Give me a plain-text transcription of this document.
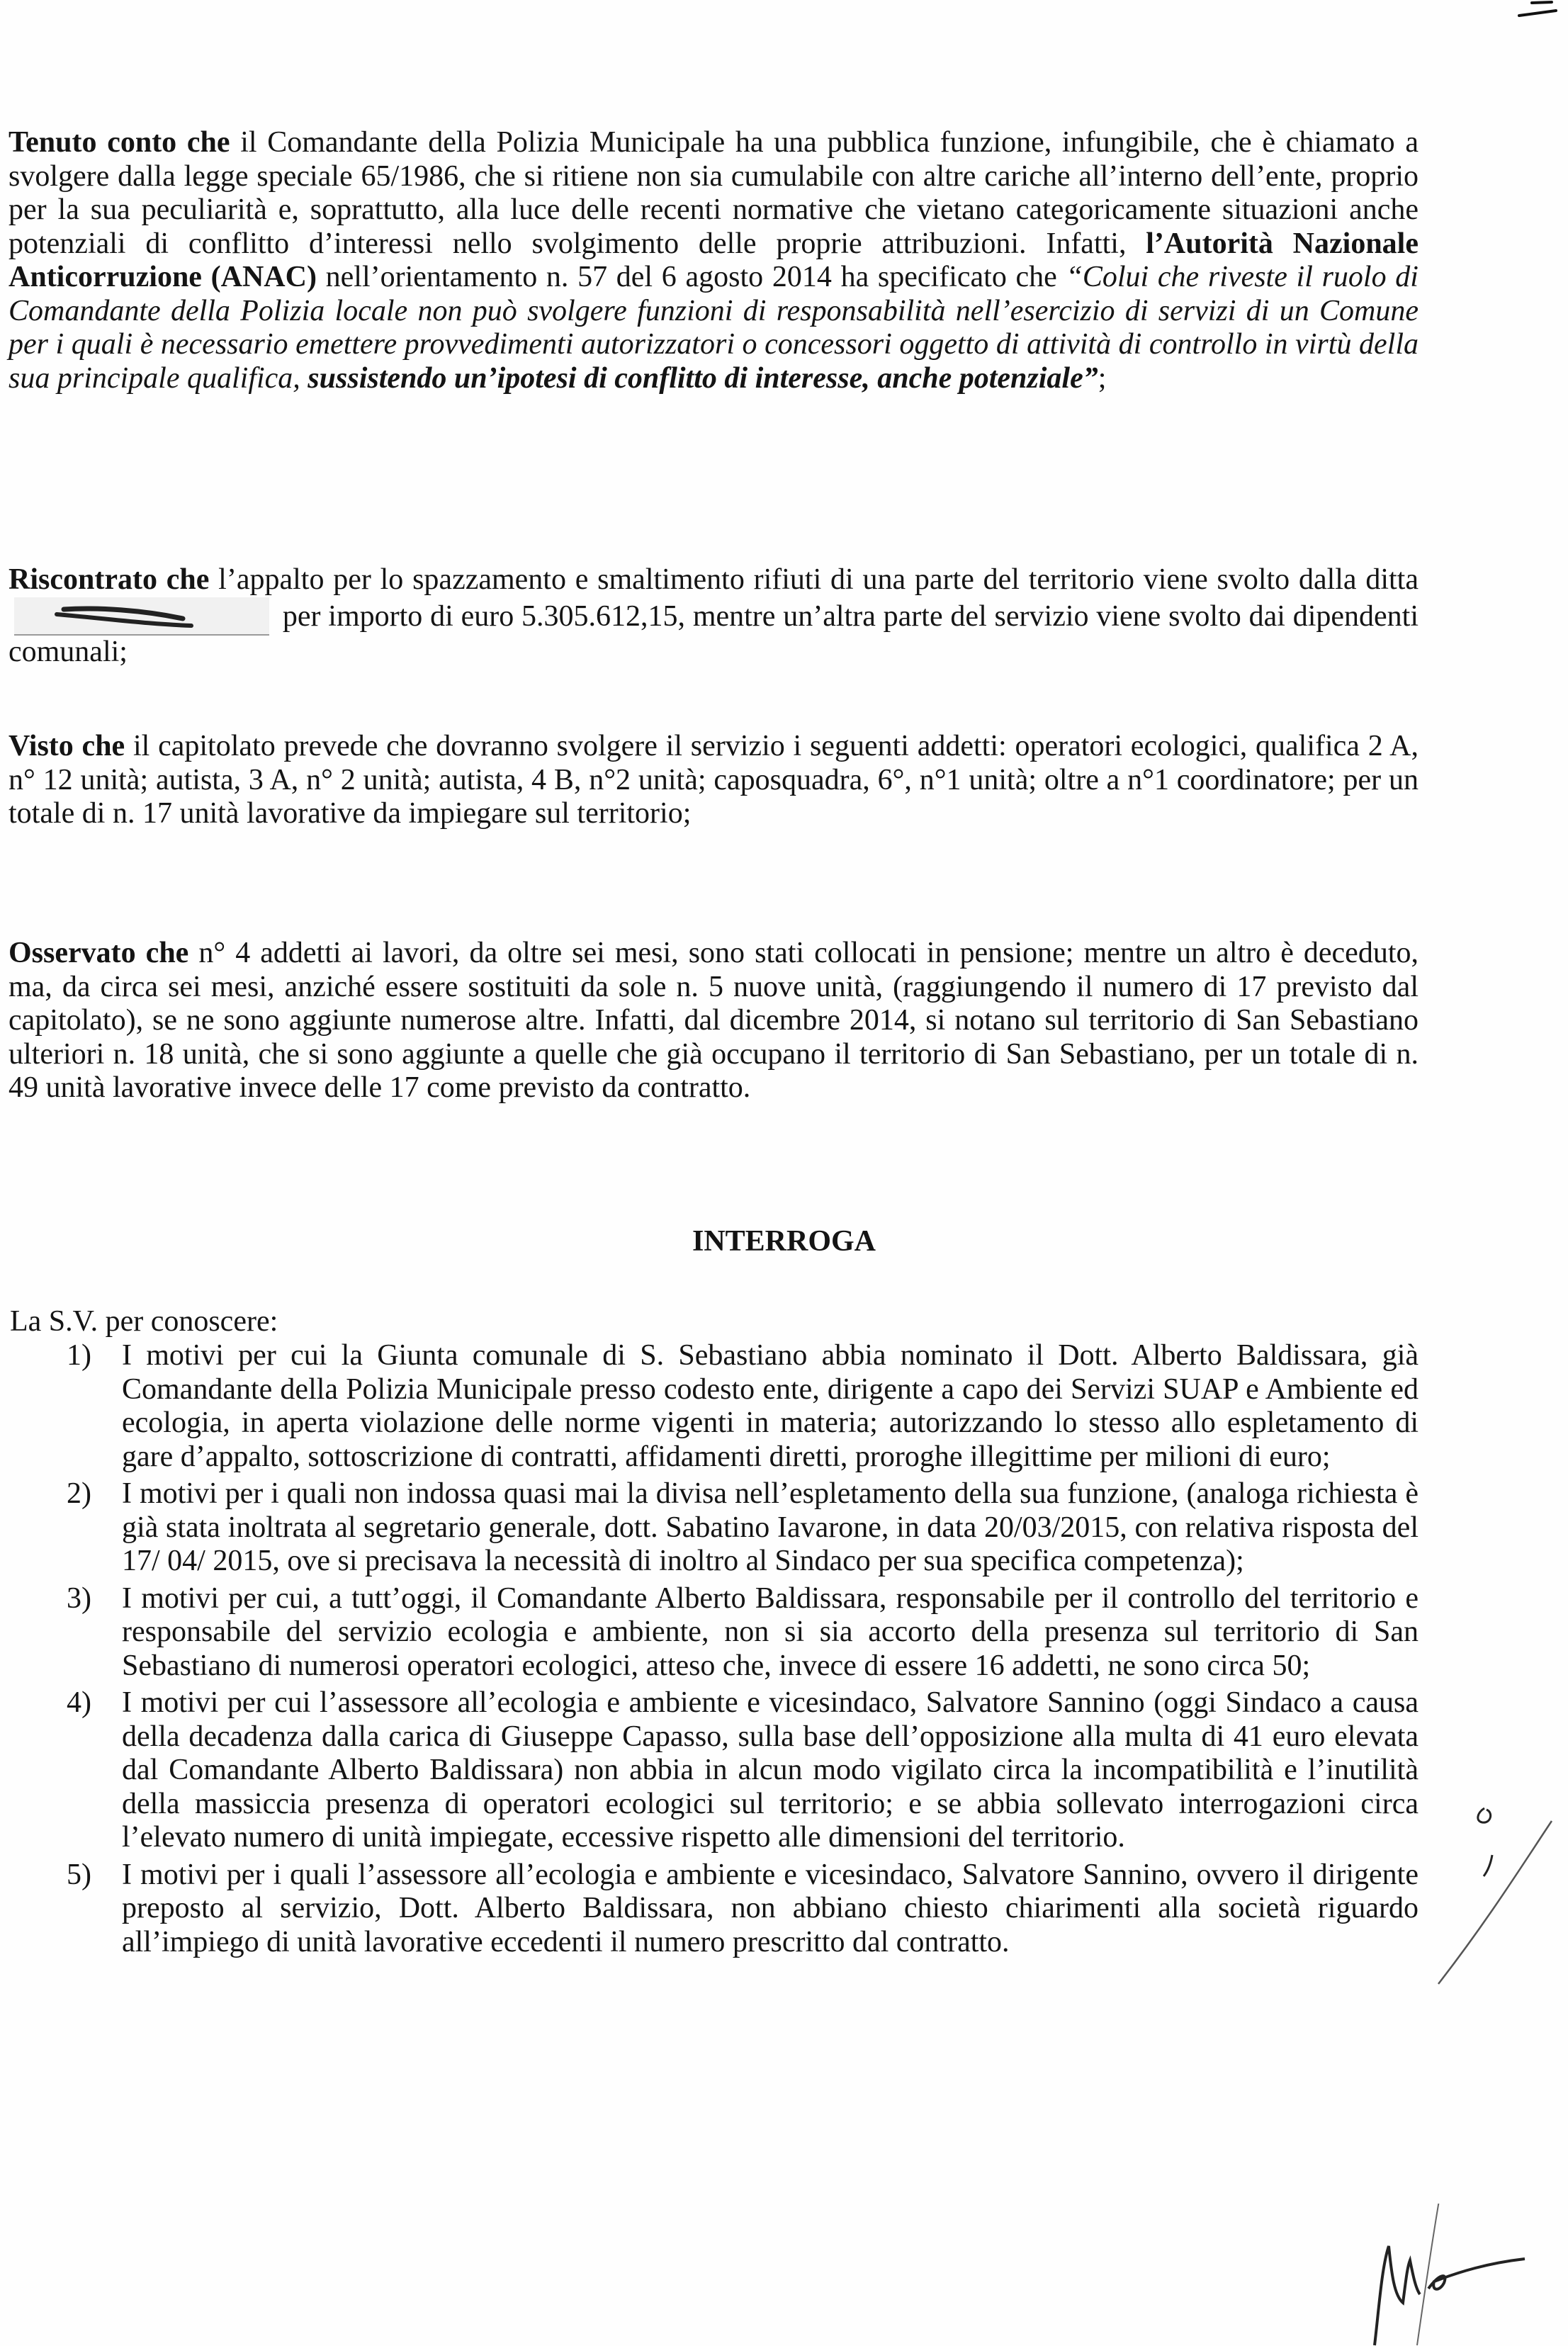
Tenuto conto che il Comandante della Polizia Municipale ha una pubblica funzione, infungibile, che è chiamato a svolgere dalla legge speciale 65/1986, che si ritiene non sia cumulabile con altre cariche all’interno dell’ente, proprio per la sua peculiarità e, soprattutto, alla luce delle recenti normative che vietano categoricamente situazioni anche potenziali di conflitto d’interessi nello svolgimento delle proprie attribuzioni. Infatti, l’Autorità Nazionale Anticorruzione (ANAC) nell’orientamento n. 57 del 6 agosto 2014 ha specificato che “Colui che riveste il ruolo di Comandante della Polizia locale non può svolgere funzioni di responsabilità nell’esercizio di servizi di un Comune per i quali è necessario emettere provvedimenti autorizzatori o concessori oggetto di attività di controllo in virtù della sua principale qualifica, sussistendo un’ipotesi di conflitto di interesse, anche potenziale”;

Riscontrato che l’appalto per lo spazzamento e smaltimento rifiuti di una parte del territorio viene svolto dalla ditta
per importo di euro 5.305.612,15, mentre un’altra parte del servizio viene svolto dai dipendenti comunali;

Visto che il capitolato prevede che dovranno svolgere il servizio i seguenti addetti: operatori ecologici, qualifica 2 A, n° 12 unità; autista, 3 A, n° 2 unità; autista, 4 B, n°2 unità; caposquadra, 6°, n°1 unità; oltre a n°1 coordinatore; per un totale di n. 17 unità lavorative da impiegare sul territorio;

Osservato che n° 4 addetti ai lavori, da oltre sei mesi, sono stati collocati in pensione; mentre un altro è deceduto, ma, da circa sei mesi, anziché essere sostituiti da sole n. 5 nuove unità, (raggiungendo il numero di 17 previsto dal capitolato), se ne sono aggiunte numerose altre. Infatti, dal dicembre 2014, si notano sul territorio di San Sebastiano ulteriori n. 18 unità, che si sono aggiunte a quelle che già occupano il territorio di San Sebastiano, per un totale di n. 49 unità lavorative invece delle 17 come previsto da contratto.

INTERROGA
La S.V. per conoscere:
1) I motivi per cui la Giunta comunale di S. Sebastiano abbia nominato il Dott. Alberto Baldissara, già Comandante della Polizia Municipale presso codesto ente, dirigente a capo dei Servizi SUAP e Ambiente ed ecologia, in aperta violazione delle norme vigenti in materia; autorizzando lo stesso allo espletamento di gare d’appalto, sottoscrizione di contratti, affidamenti diretti, proroghe illegittime per milioni di euro;
2) I motivi per i quali non indossa quasi mai la divisa nell’espletamento della sua funzione, (analoga richiesta è già stata inoltrata al segretario generale, dott. Sabatino Iavarone, in data 20/03/2015, con relativa risposta del 17/ 04/ 2015, ove si precisava la necessità di inoltro al Sindaco per sua specifica competenza);
3) I motivi per cui, a tutt’oggi, il Comandante Alberto Baldissara, responsabile per il controllo del territorio e responsabile del servizio ecologia e ambiente, non si sia accorto della presenza sul territorio di San Sebastiano di numerosi operatori ecologici, atteso che, invece di essere 16 addetti, ne sono circa 50;
4) I motivi per cui l’assessore all’ecologia e ambiente e vicesindaco, Salvatore Sannino (oggi Sindaco a causa della decadenza dalla carica di Giuseppe Capasso, sulla base dell’opposizione alla multa di 41 euro elevata dal Comandante Alberto Baldissara) non abbia in alcun modo vigilato circa la incompatibilità e l’inutilità della massiccia presenza di operatori ecologici sul territorio; e se abbia sollevato interrogazioni circa l’elevato numero di unità impiegate, eccessive rispetto alle dimensioni del territorio.
5) I motivi per i quali l’assessore all’ecologia e ambiente e vicesindaco, Salvatore Sannino, ovvero il dirigente preposto al servizio, Dott. Alberto Baldissara, non abbiano chiesto chiarimenti alla società riguardo all’impiego di unità lavorative eccedenti il numero prescritto dal contratto.
